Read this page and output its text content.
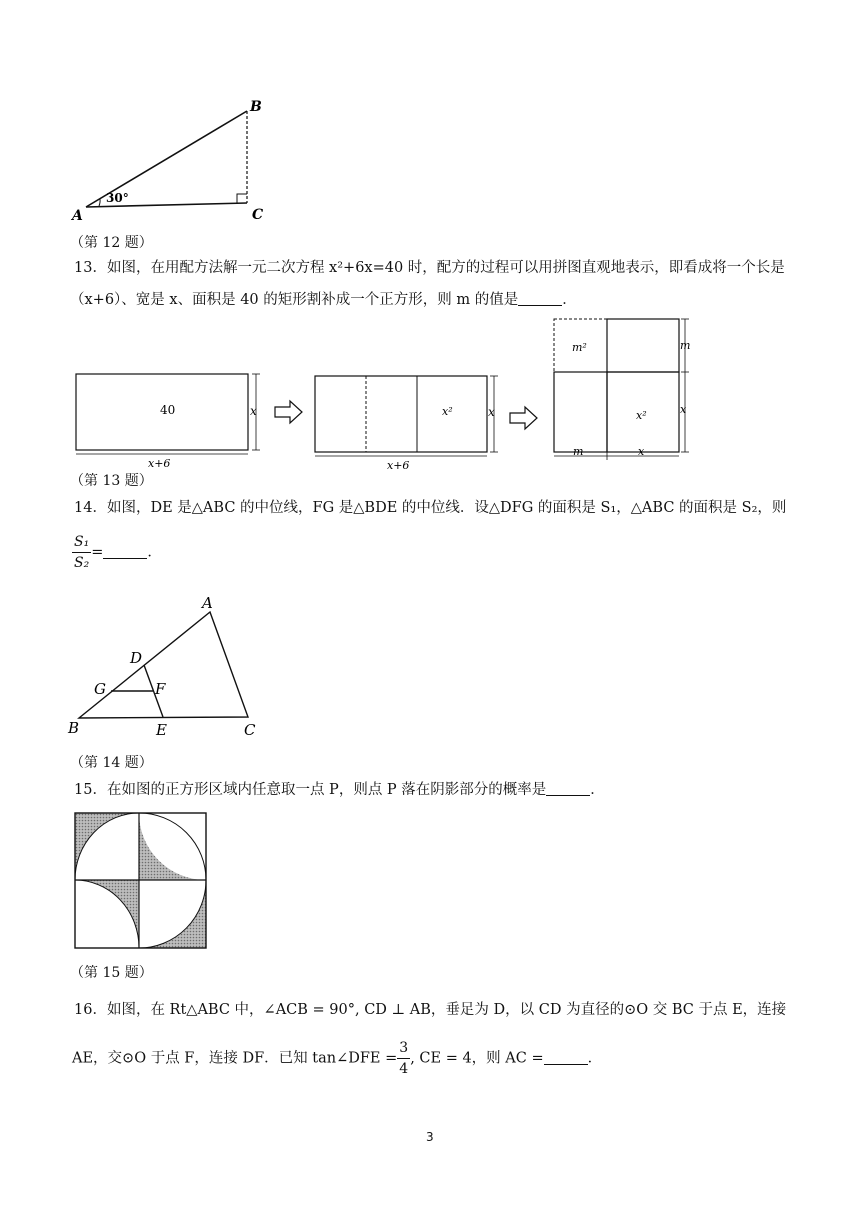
30°
A
B
C
（第 12 题）
13．如图，在用配方法解一元二次方程 x²+6x=40 时，配方的过程可以用拼图直观地表示，即看成将一个长是
（x+6）、宽是 x、面积是 40 的矩形割补成一个正方形，则 m 的值是	．
40	x
x+6
x²	x
x+6
m²
x²
m
x
m	x
（第 13 题）
14．如图，DE 是△ABC 的中位线，FG 是△BDE 的中位线．设△DFG 的面积是 S₁，△ABC 的面积是 S₂，则
$\frac{\text{S₁}}{\text{S₂}}$ =	．
A
B	C
D
E
F
G
（第 14 题）
15．在如图的正方形区域内任意取一点 P，则点 P 落在阴影部分的概率是	．
（第 15 题）
16．如图，在 Rt△ABC 中，∠ACB = 90°, CD ⊥ AB，垂足为 D，以 CD 为直径的⊙O 交 BC 于点 E，连接
AE，交⊙O 于点 F，连接 DF．已知 tan∠DFE = $\frac{3}{4}$ , CE = 4，则 AC =	．
3
